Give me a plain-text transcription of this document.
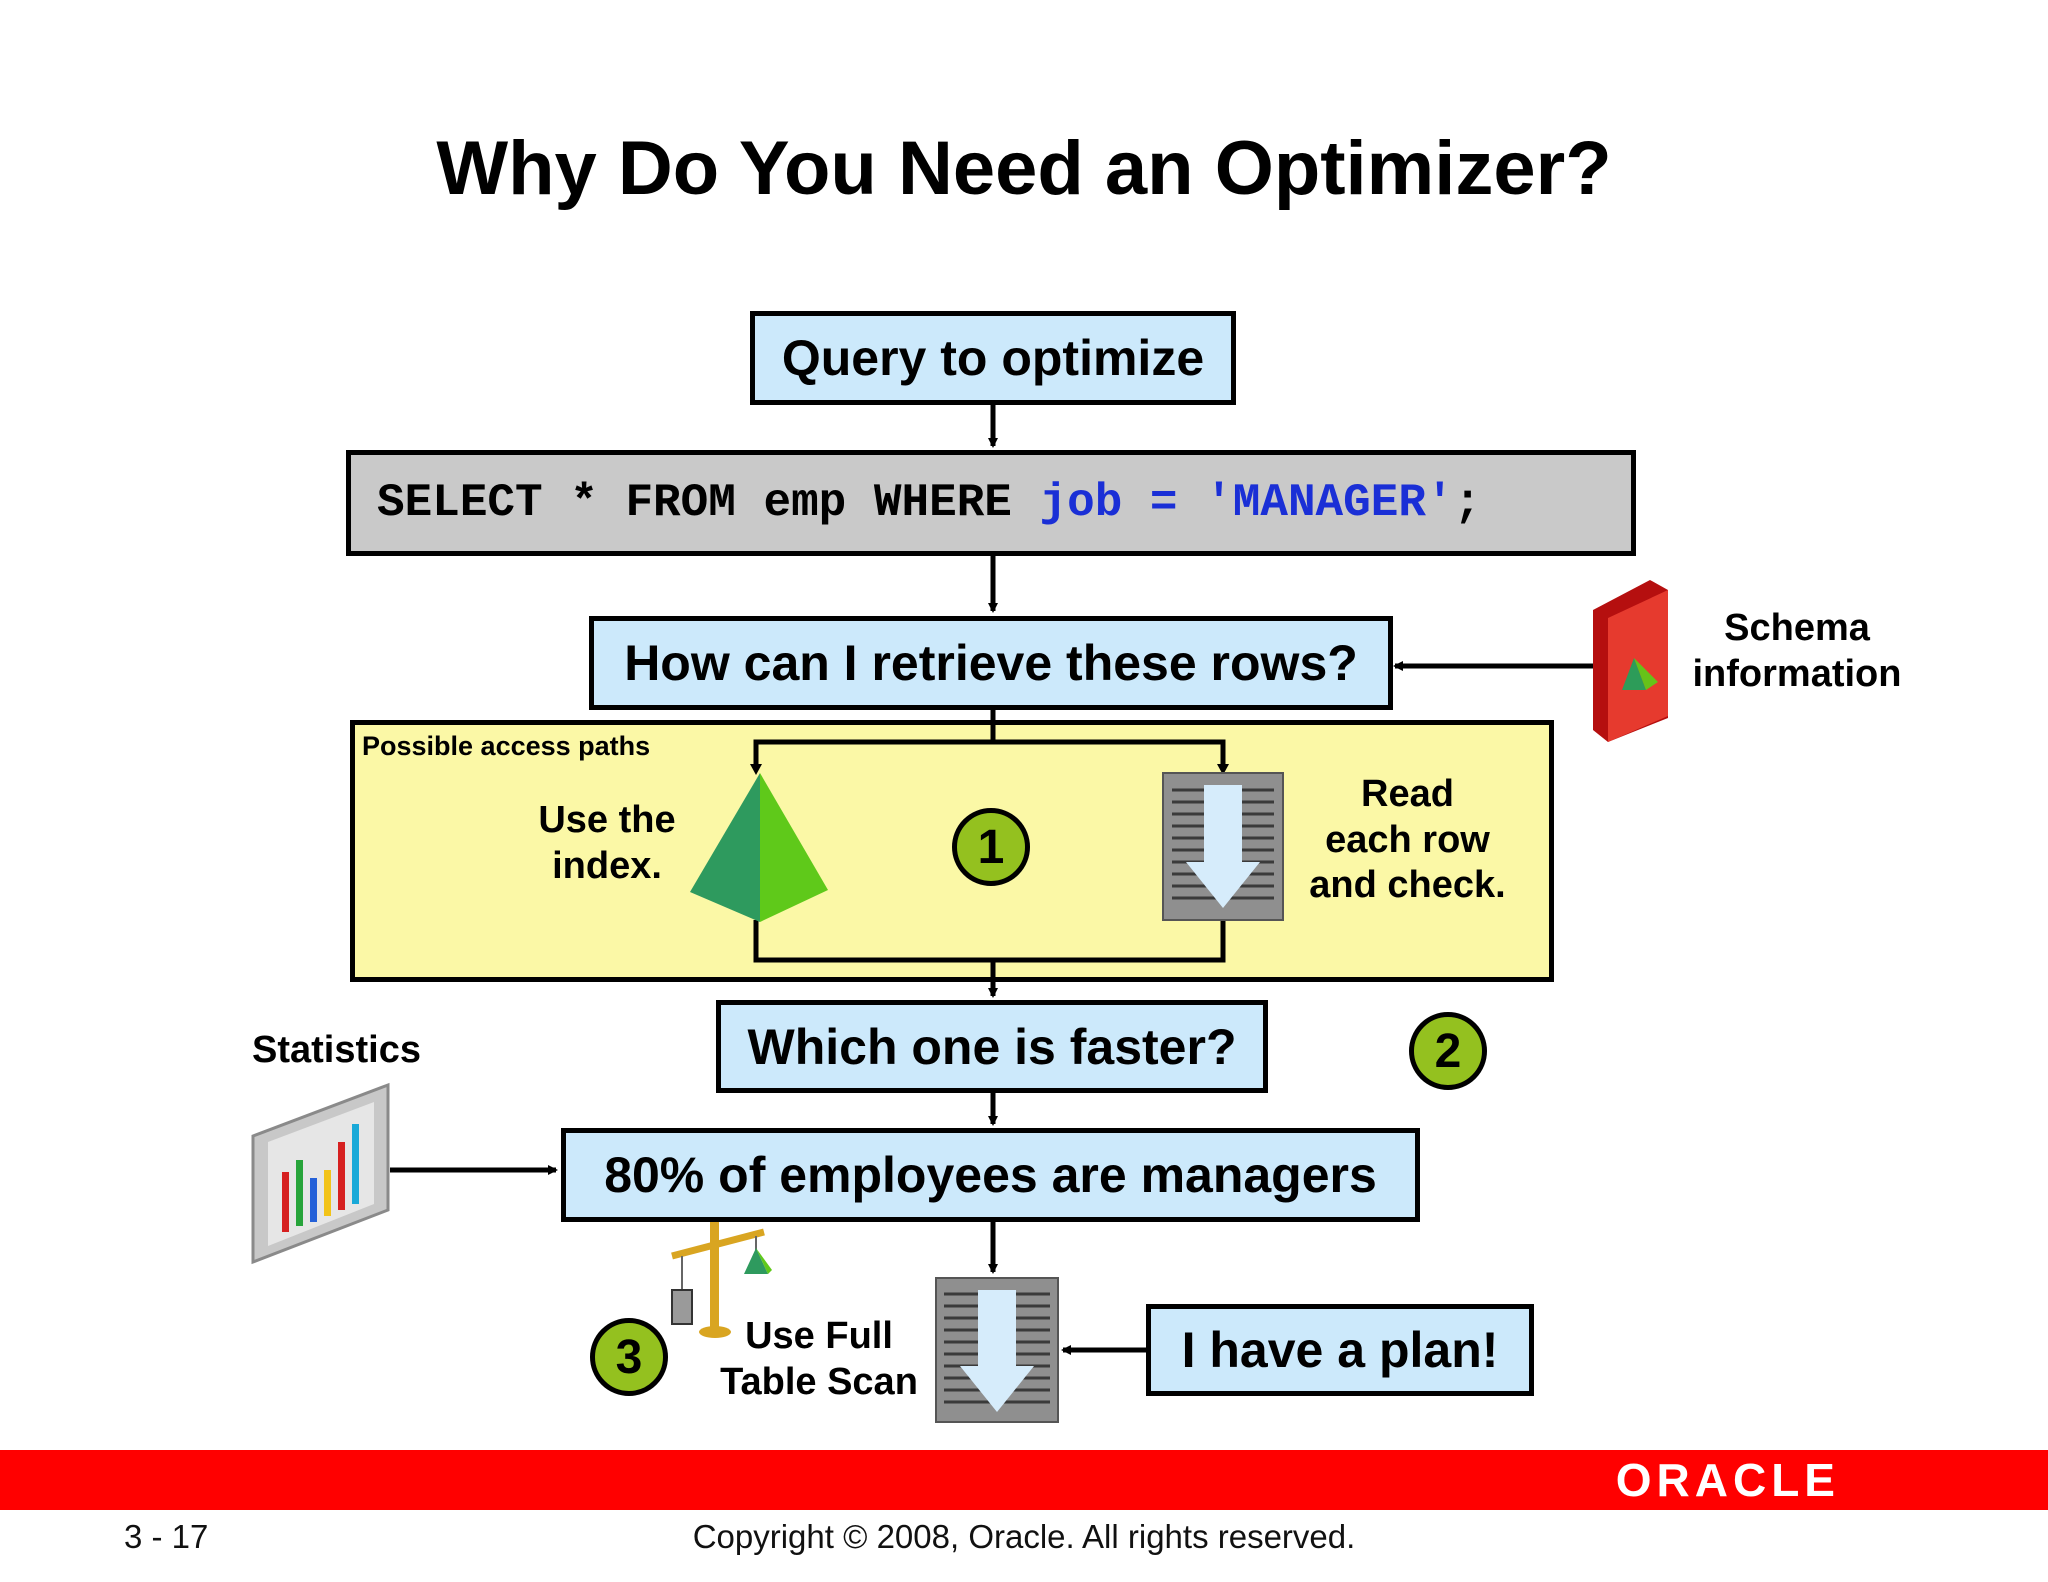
Why Do You Need an Optimizer?
Query to optimize
SELECT * FROM emp WHERE job = 'MANAGER' ;
How can I retrieve these rows?
Schema
information
Possible access paths
Use the
index.	1
Read
each row
and check.
Which one is faster?	2
Statistics
80% of employees are managers
3	Use Full
Table Scan
I have a plan!
ORACLE
3 - 17	Copyright © 2008, Oracle. All rights reserved.
